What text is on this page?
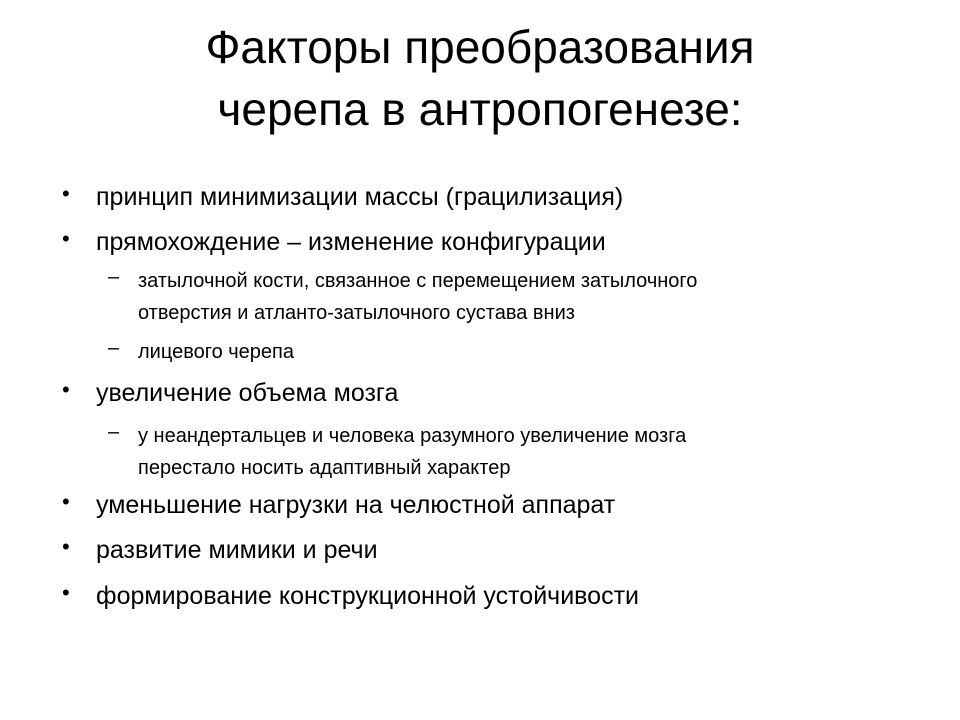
Факторы преобразования
черепа в антропогенезе:
• принцип минимизации массы (грацилизация)
• прямохождение – изменение конфигурации
– затылочной кости, связанное с перемещением затылочного
отверстия и атланто-затылочного сустава вниз
– лицевого черепа
• увеличение объема мозга
– у неандертальцев и человека разумного увеличение мозга
перестало носить адаптивный характер
• уменьшение нагрузки на челюстной аппарат
• развитие мимики и речи
• формирование конструкционной устойчивости
